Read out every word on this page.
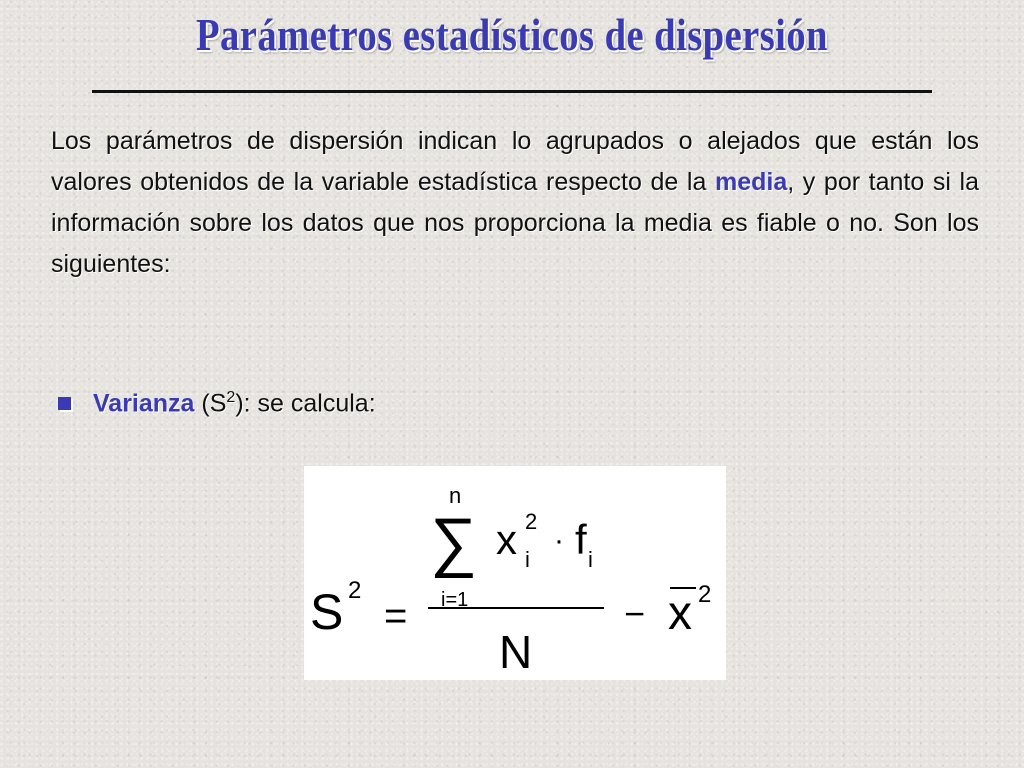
Parámetros estadísticos de dispersión
Los parámetros de dispersión indican lo agrupados o alejados que están los valores obtenidos de la variable estadística respecto de la media, y por tanto si la información sobre los datos que nos proporciona la media es fiable o no. Son los siguientes:
Varianza $(S^2)$: se calcula:
S 2
=
n
∑
i=1
x 2
i
· f i
N
− x 2
